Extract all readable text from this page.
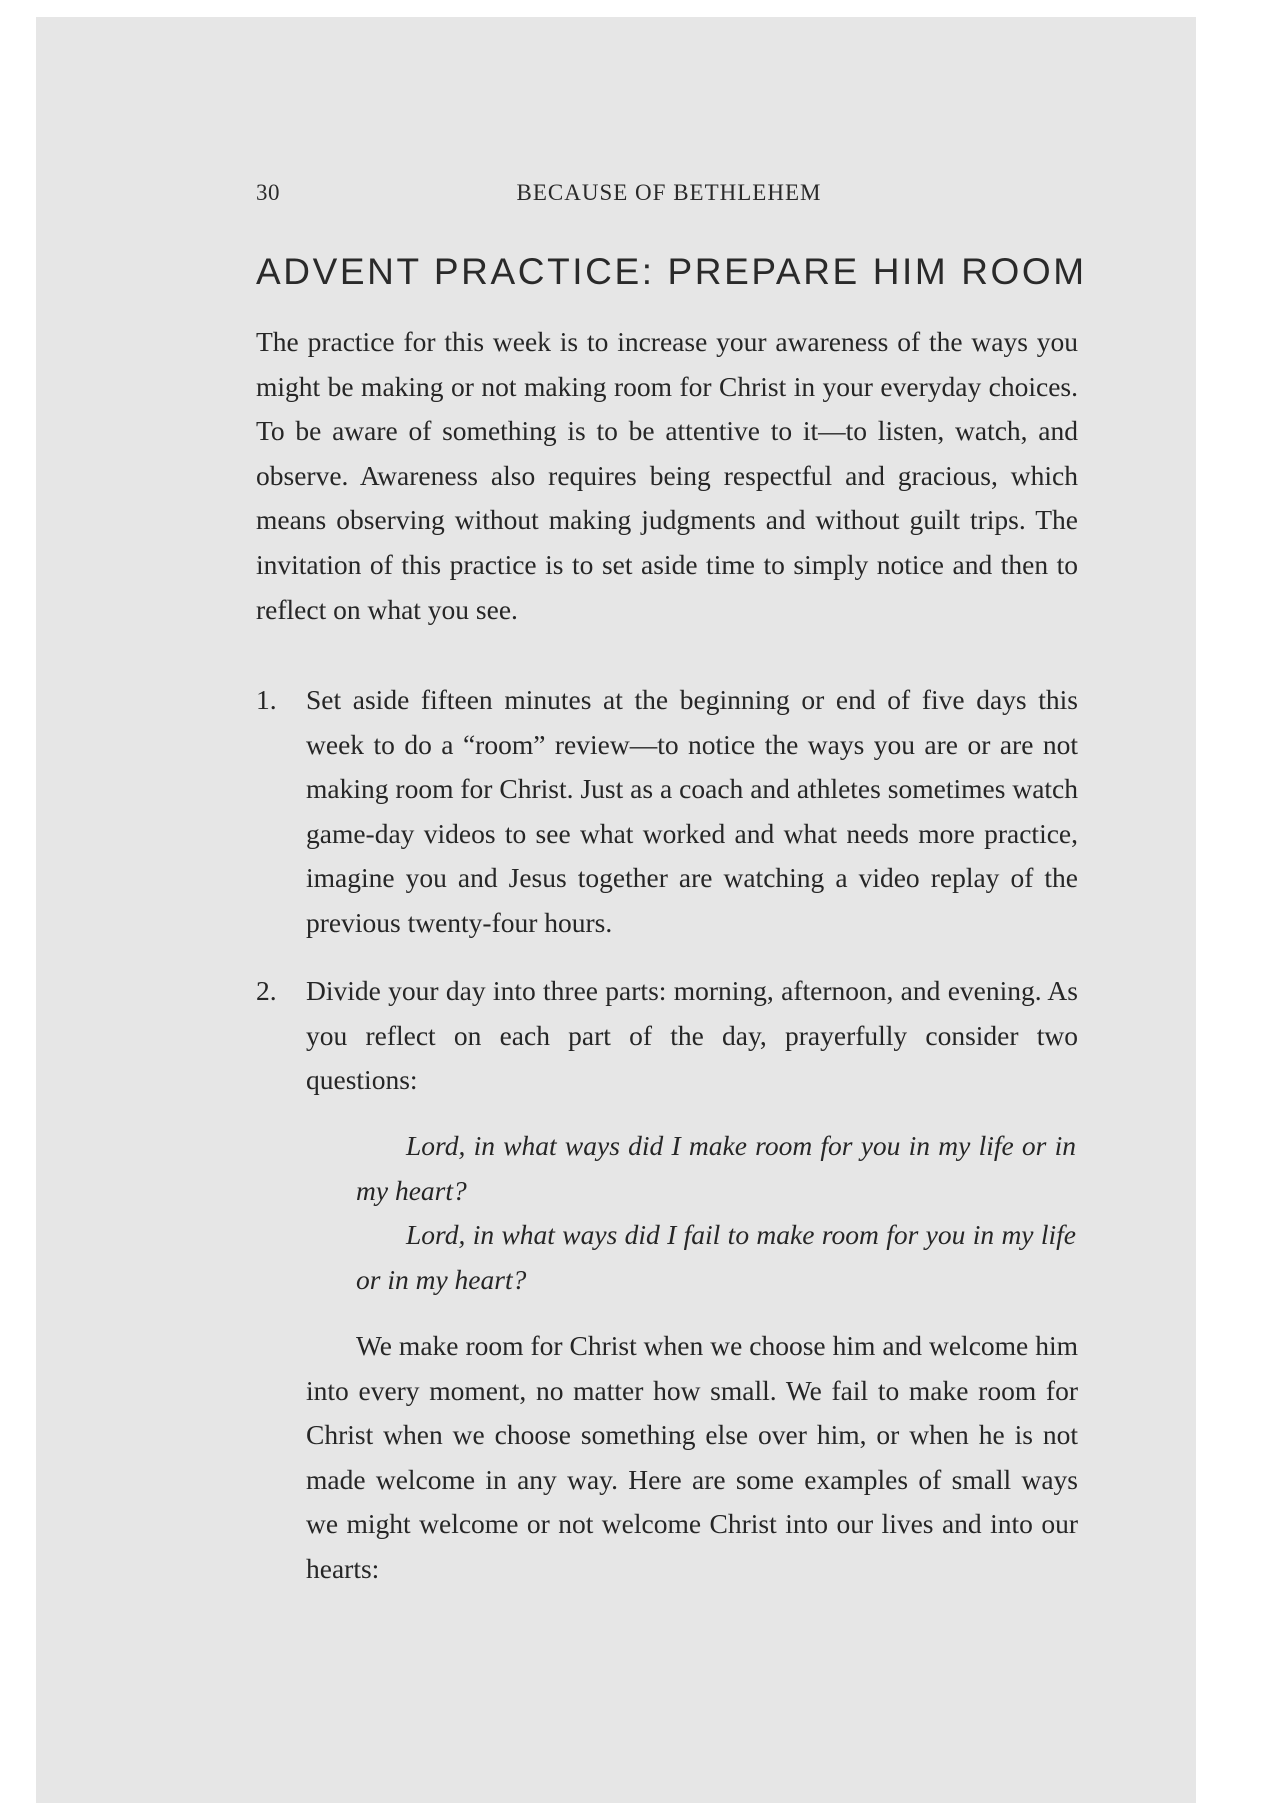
30	BECAUSE OF BETHLEHEM
ADVENT PRACTICE: PREPARE HIM ROOM

The practice for this week is to increase your awareness of the ways you might be making or not making room for Christ in your everyday choices. To be aware of something is to be attentive to it—to listen, watch, and observe. Awareness also requires being respectful and gracious, which means observing without making judgments and without guilt trips. The invitation of this practice is to set aside time to simply notice and then to reflect on what you see.

1. Set aside fifteen minutes at the beginning or end of five days this week to do a “room” review—to notice the ways you are or are not making room for Christ. Just as a coach and athletes sometimes watch game-day videos to see what worked and what needs more practice, imagine you and Jesus together are watching a video replay of the previous twenty-four hours.

2. Divide your day into three parts: morning, afternoon, and evening. As you reflect on each part of the day, prayerfully consider two questions:

Lord, in what ways did I make room for you in my life or in my heart?

Lord, in what ways did I fail to make room for you in my life or in my heart?

We make room for Christ when we choose him and welcome him into every moment, no matter how small. We fail to make room for Christ when we choose something else over him, or when he is not made welcome in any way. Here are some examples of small ways we might welcome or not welcome Christ into our lives and into our hearts:
